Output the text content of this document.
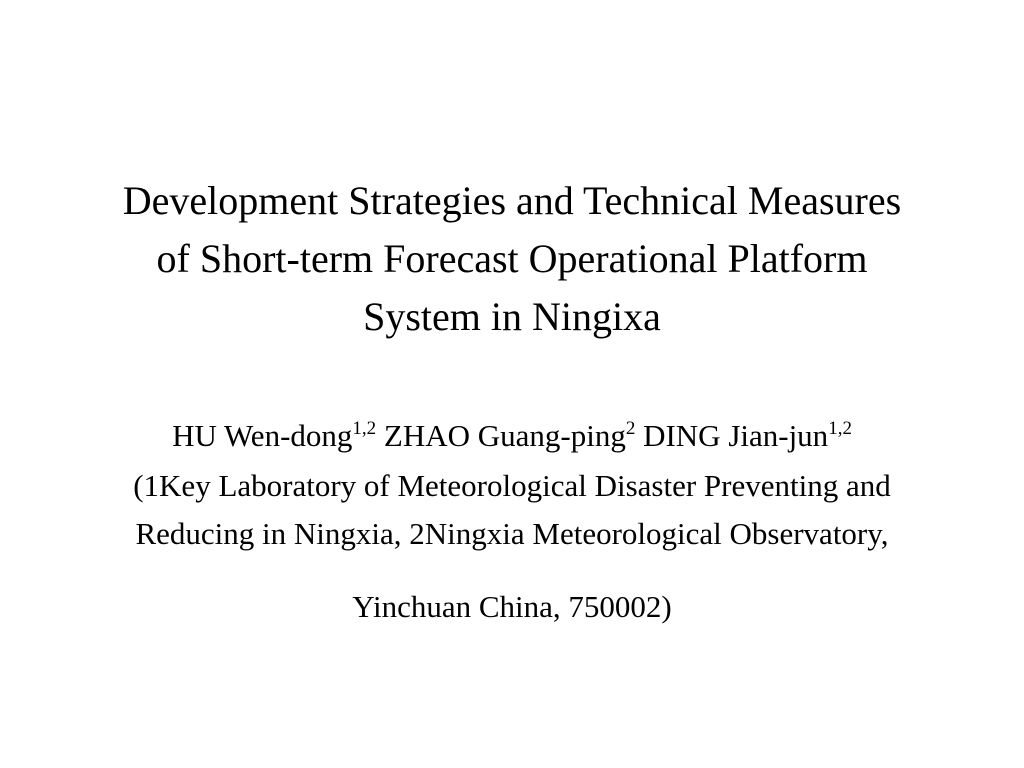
Development Strategies and Technical Measures
of Short-term Forecast Operational Platform
System in Ningixa
HU Wen-dong$^{1,2}$ ZHAO Guang-ping$^2$ DING Jian-jun$^{1,2}$
(1Key Laboratory of Meteorological Disaster Preventing and
Reducing in Ningxia, 2Ningxia Meteorological Observatory,
Yinchuan China, 750002)
